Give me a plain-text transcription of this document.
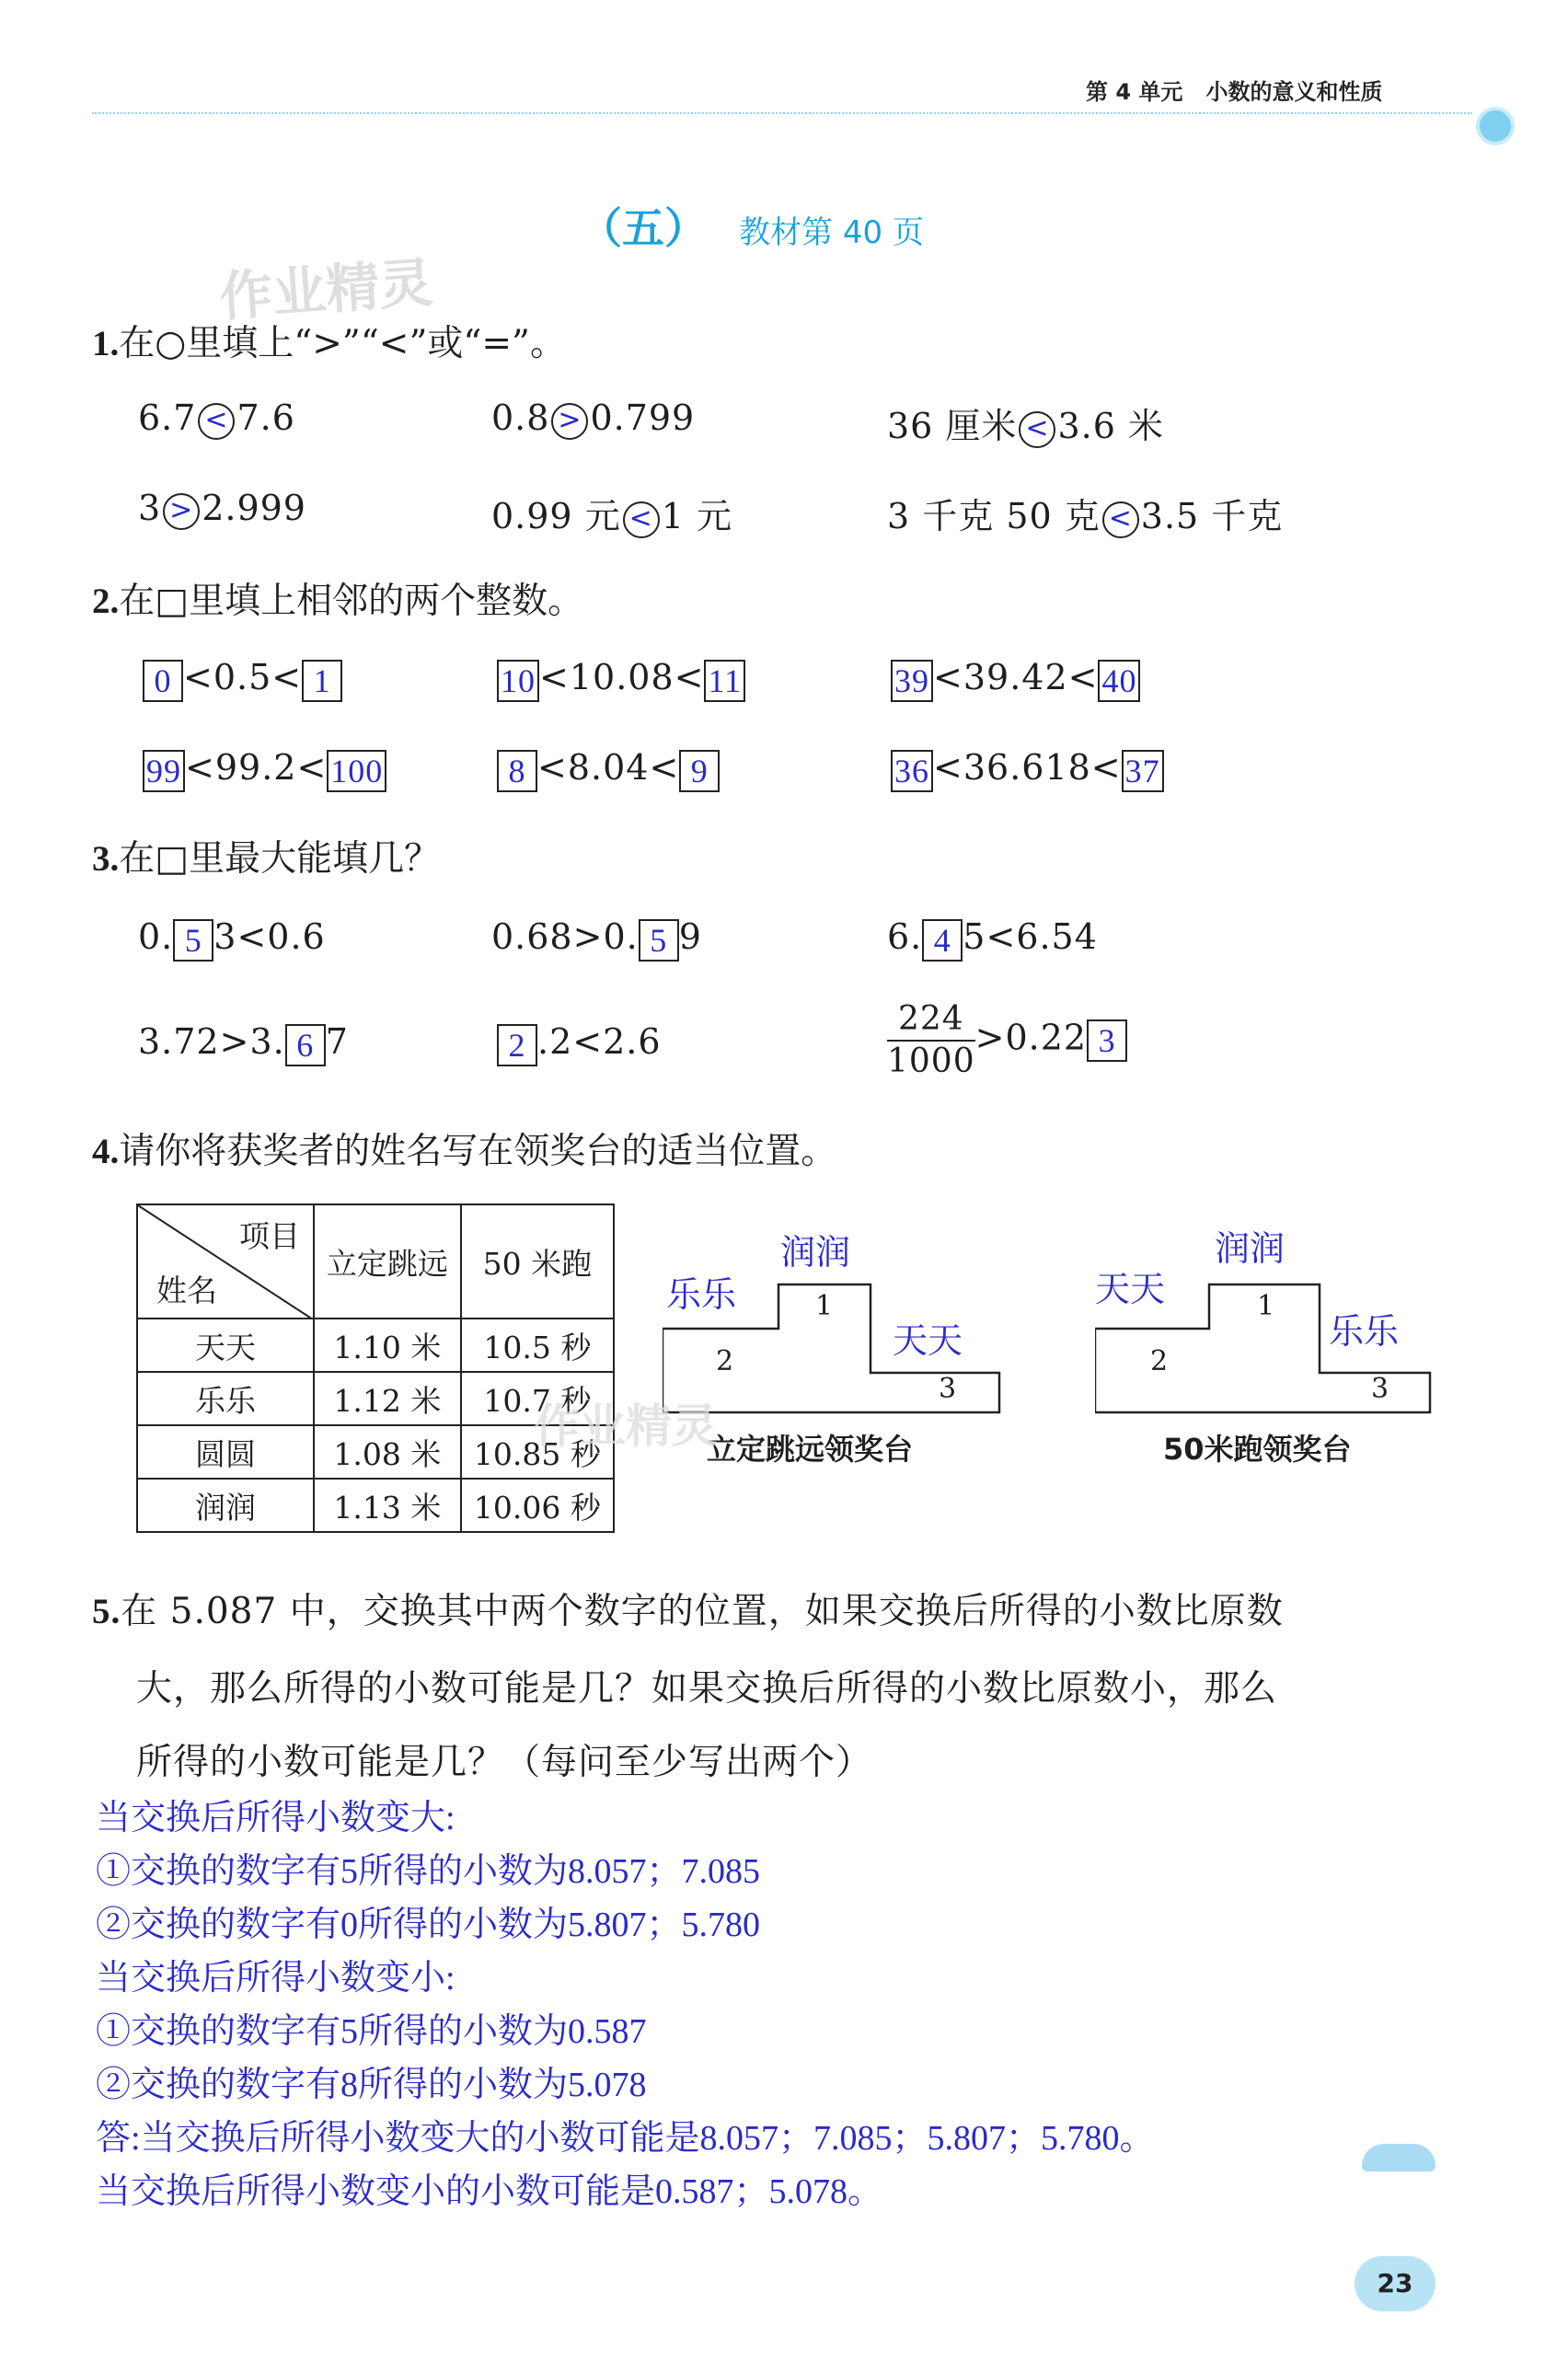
第 4 单元 小数的意义和性质
（五） 教材第 40 页
作业精灵
1.在○里填上“>”“<”或“=”。
6.7 < 7.6	0.8 > 0.799	36 厘米 < 3.6 米
3 > 2.999	0.99 元 < 1 元	3 千克 50 克 < 3.5 千克
2.在□里填上相邻的两个整数。
0 <0.5< 1	10 <10.08< 11	39 <39.42< 40
99 <99.2< 100	8 <8.04< 9	36 <36.618< 37
3.在□里最大能填几？
0. 5 3<0.6	0.68>0. 5 9	6. 4 5<6.54
3.72>3. 6 7	2 .2<2.6	$\frac{224}{1000} >0.22$ 3
4.请你将获奖者的姓名写在领奖台的适当位置。
项目
姓名	立定跳远	50 米跑
天天	1.10 米	10.5 秒
乐乐	1.12 米	10.7 秒
圆圆	1.08 米	10.85 秒
润润	1.13 米	10.06 秒
乐乐
润润
天天
1
2
3
立定跳远领奖台
作业精灵
天天
润润
乐乐
1
2
3
50米跑领奖台
5.在 5.087 中，交换其中两个数字的位置，如果交换后所得的小数比原数
大，那么所得的小数可能是几？如果交换后所得的小数比原数小，那么
所得的小数可能是几？（每问至少写出两个）
当交换后所得小数变大:
①交换的数字有5所得的小数为8.057；7.085
②交换的数字有0所得的小数为5.807；5.780
当交换后所得小数变小:
①交换的数字有5所得的小数为0.587
②交换的数字有8所得的小数为5.078
答:当交换后所得小数变大的小数可能是8.057；7.085；5.807；5.780。
当交换后所得小数变小的小数可能是0.587；5.078。
23
